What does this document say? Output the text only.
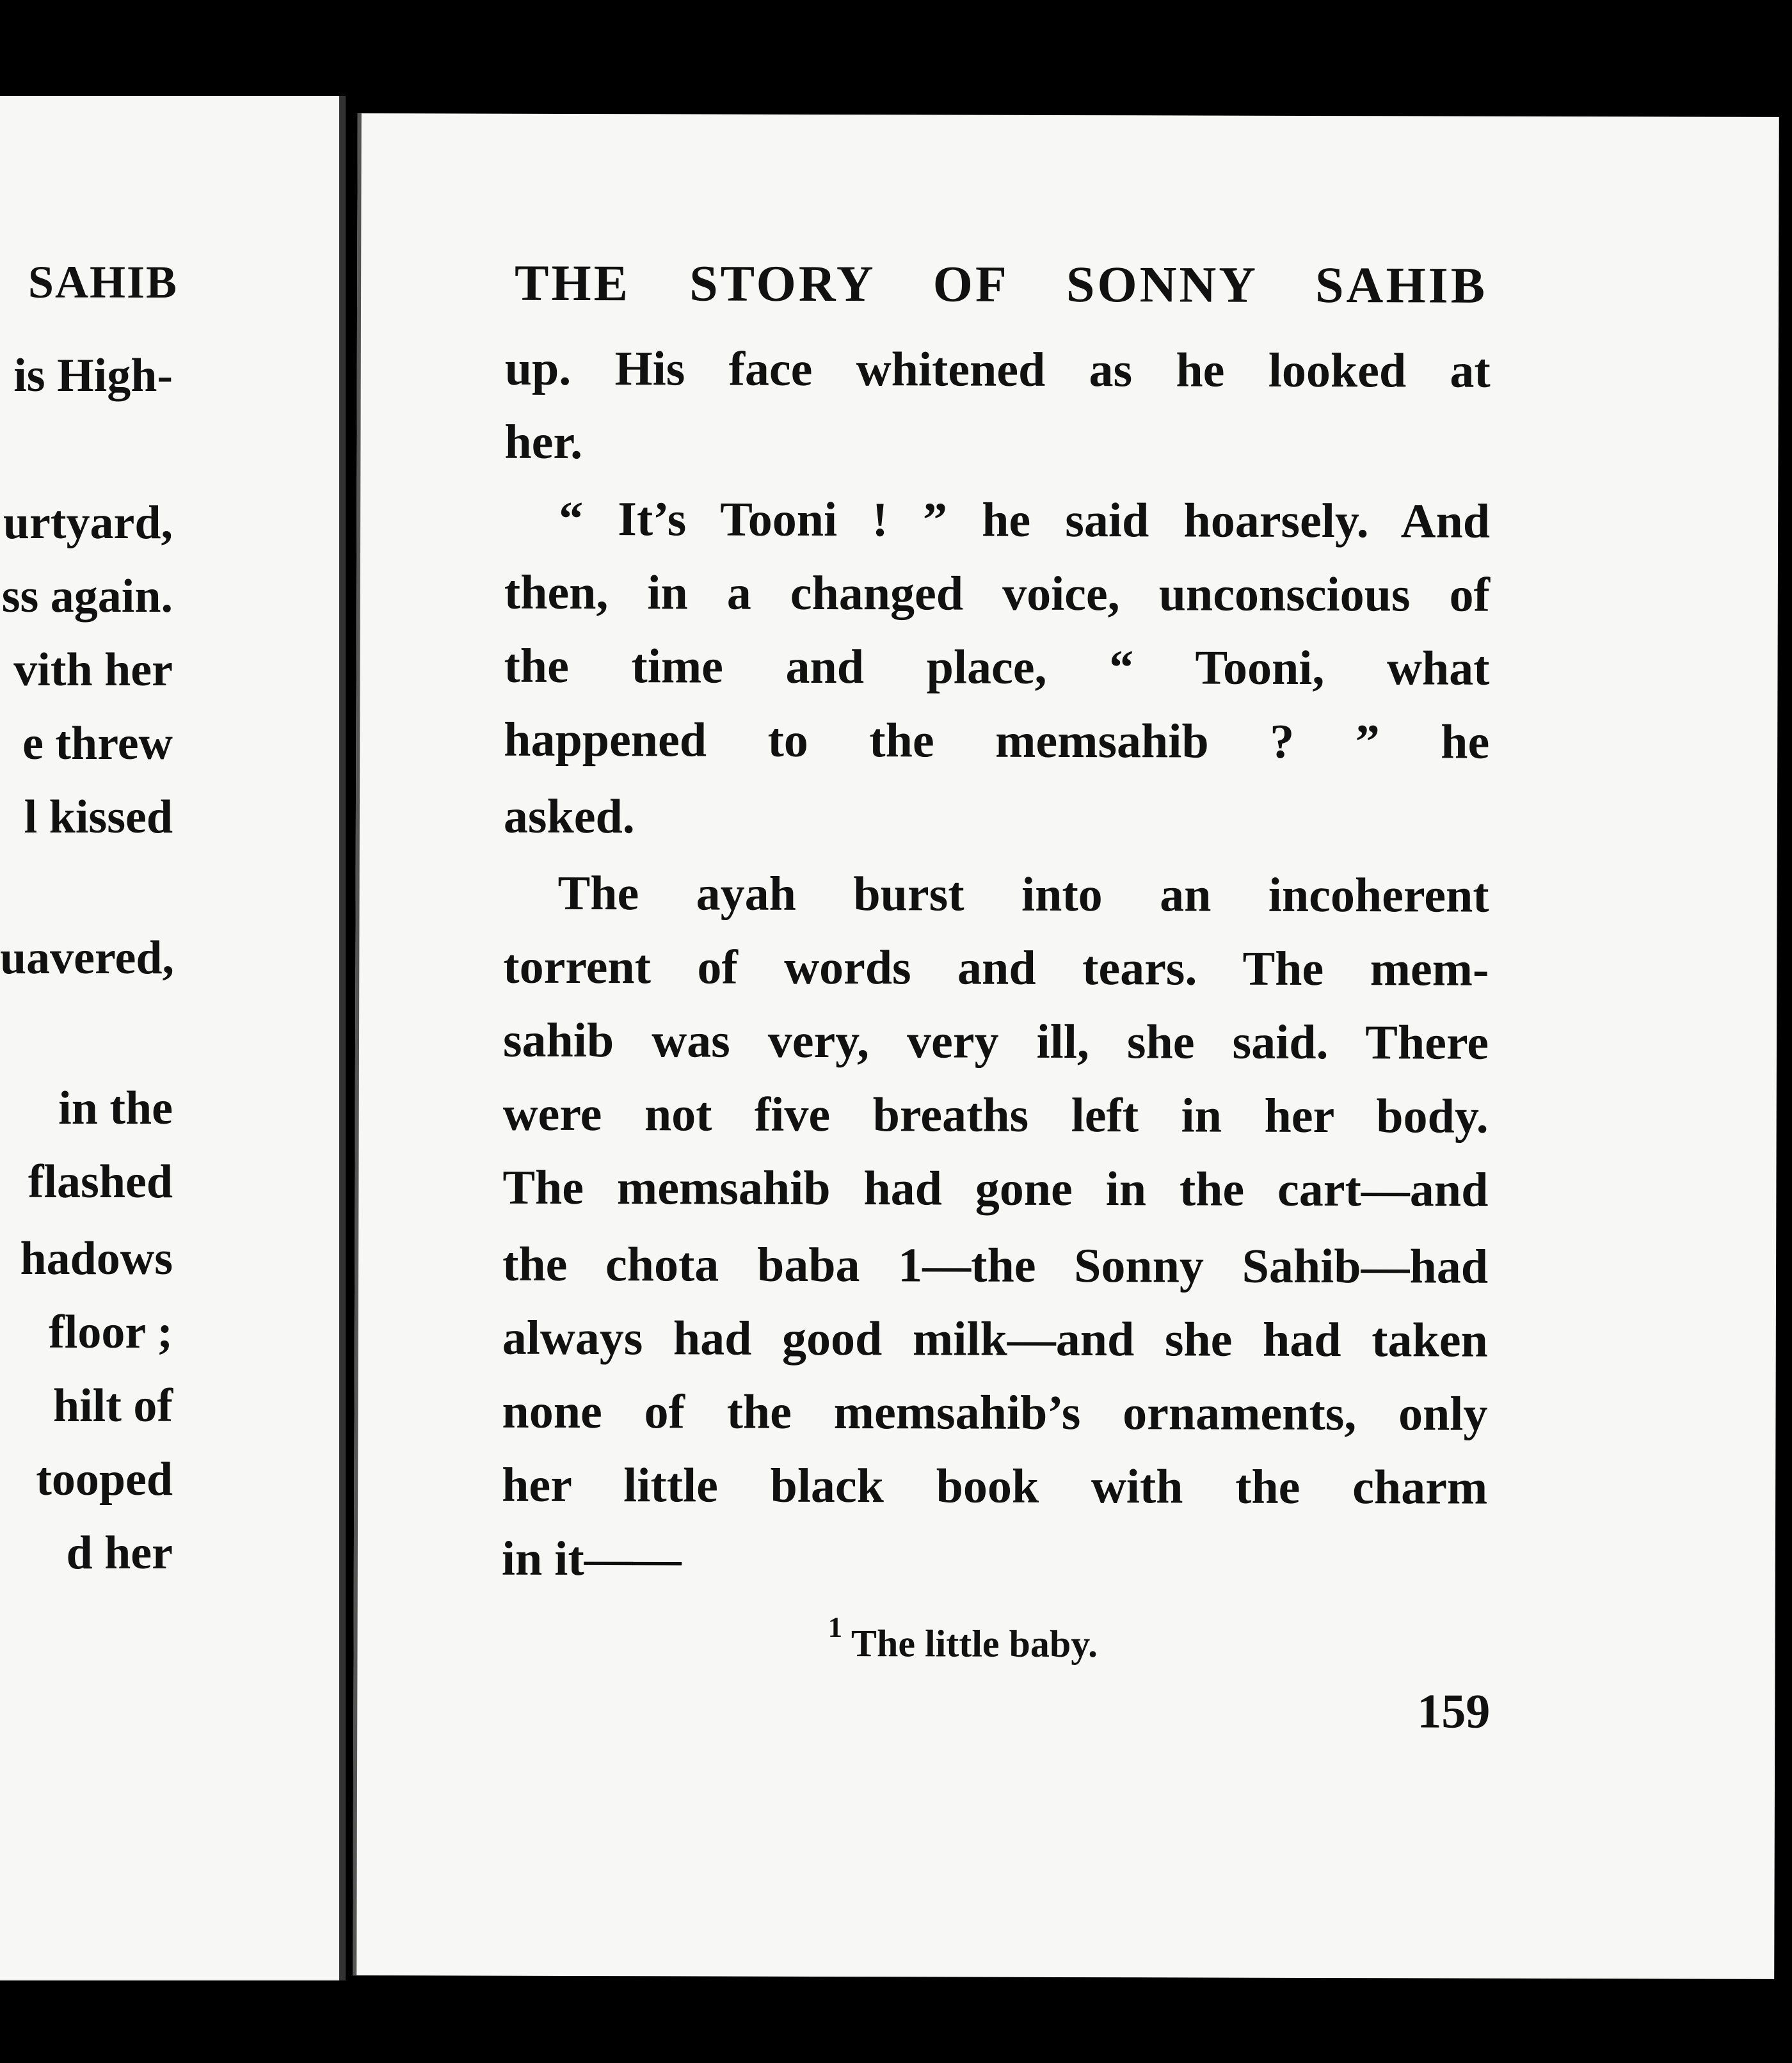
SAHIB
is High-
urtyard,
ss again.
vith her
e threw
l kissed
uavered,
in the
flashed
hadows
floor ;
hilt of
tooped
d her
THE STORY OF SONNY SAHIB
up. His face whitened as he looked at
her.
“ It’s Tooni ! ” he said hoarsely. And
then, in a changed voice, unconscious of
the time and place, “ Tooni, what
happened to the memsahib ? ” he
asked.
The ayah burst into an incoherent
torrent of words and tears. The mem-
sahib was very, very ill, she said. There
were not five breaths left in her body.
The memsahib had gone in the cart—and
the chota baba 1—the Sonny Sahib—had
always had good milk—and she had taken
none of the memsahib’s ornaments, only
her little black book with the charm
in it——
$^1$ The little baby.
159
